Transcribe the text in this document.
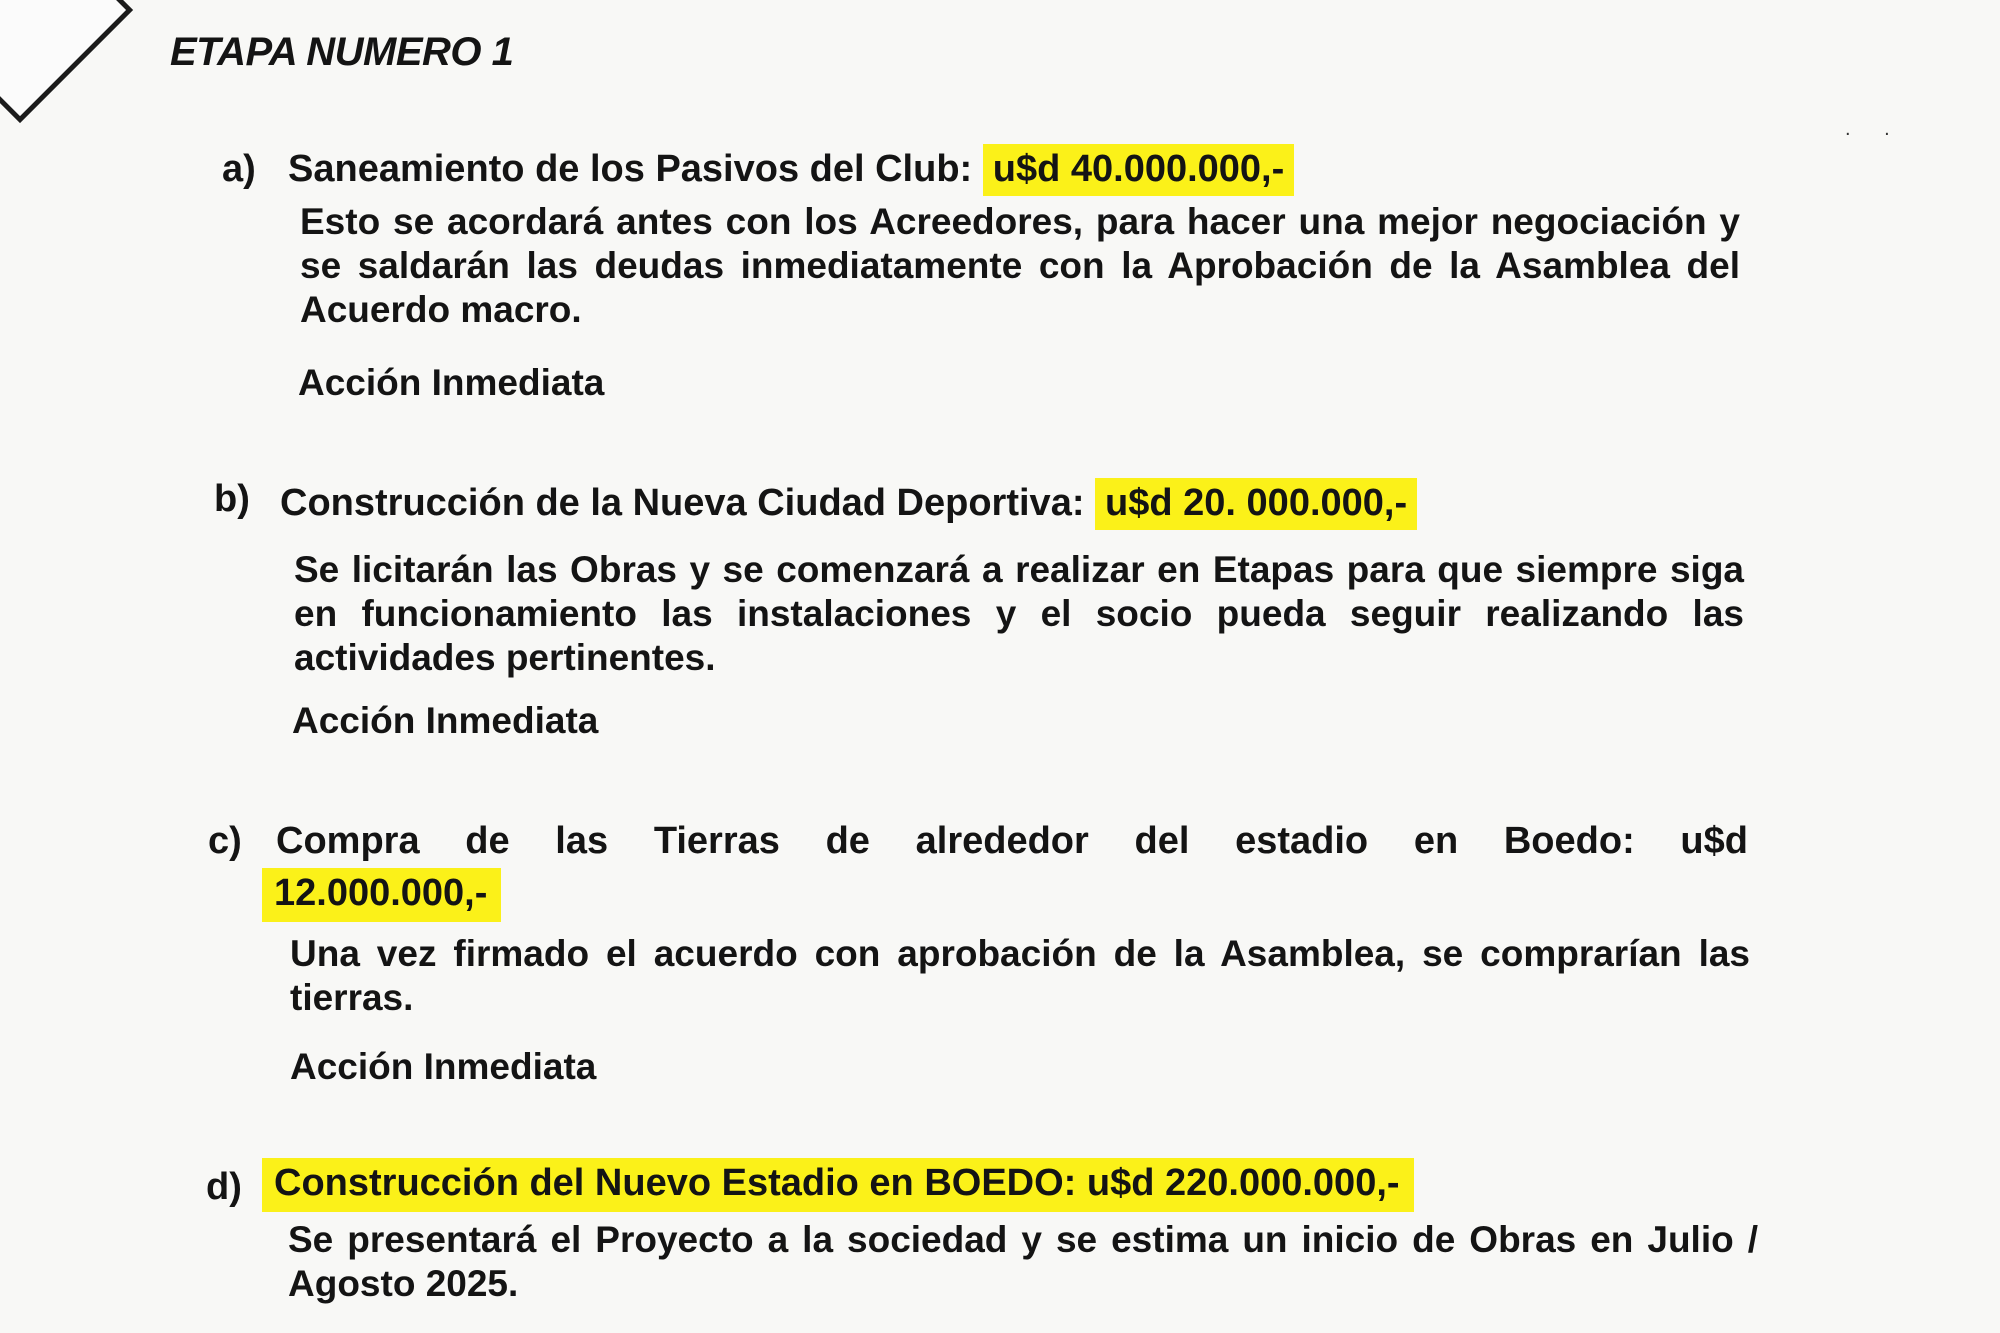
. .
ETAPA NUMERO 1
a) Saneamiento de los Pasivos del Club: u$d 40.000.000,-
Esto se acordará antes con los Acreedores, para hacer una mejor negociación y se saldarán las deudas inmediatamente con la Aprobación de la Asamblea del Acuerdo macro.
Acción Inmediata
b) Construcción de la Nueva Ciudad Deportiva: u$d 20. 000.000,-
Se licitarán las Obras y se comenzará a realizar en Etapas para que siempre siga en funcionamiento las instalaciones y el socio pueda seguir realizando las actividades pertinentes.
Acción Inmediata
c) Compra de las Tierras de alrededor del estadio en Boedo: u$d
12.000.000,-
Una vez firmado el acuerdo con aprobación de la Asamblea, se comprarían las tierras.
Acción Inmediata
d) Construcción del Nuevo Estadio en BOEDO: u$d 220.000.000,-
Se presentará el Proyecto a la sociedad y se estima un inicio de Obras en Julio / Agosto 2025.
